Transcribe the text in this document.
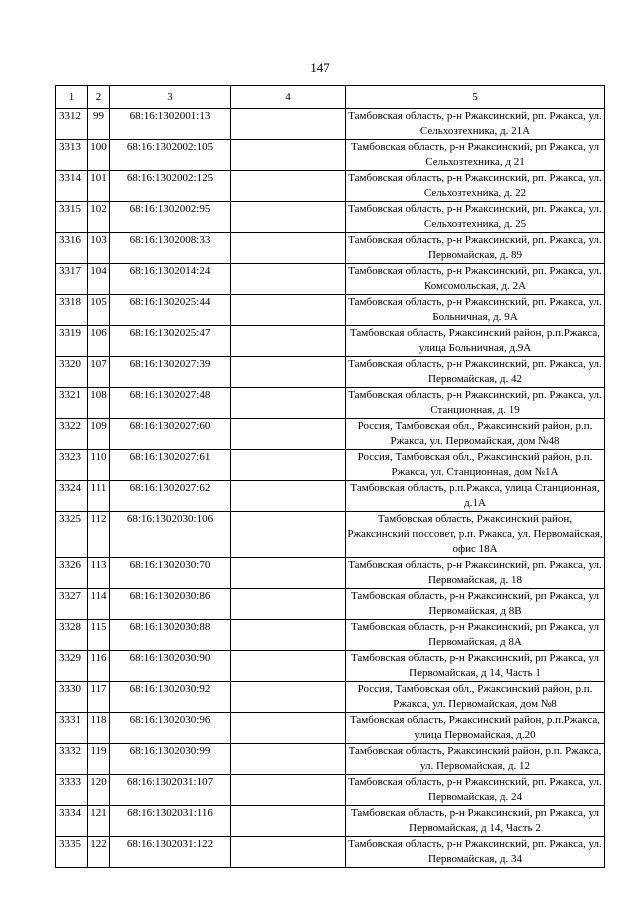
147
1	2	3	4	5
3312	99	68:16:1302001:13		Тамбовская область, р-н Ржаксинский, рп. Ржакса, ул. Сельхозтехника, д. 21А
3313	100	68:16:1302002:105		Тамбовская область, р-н Ржаксинский, рп Ржакса, ул Сельхозтехника, д 21
3314	101	68:16:1302002:125		Тамбовская область, р-н Ржаксинский, рп. Ржакса, ул. Сельхозтехника, д. 22
3315	102	68:16:1302002:95		Тамбовская область, р-н Ржаксинский, рп. Ржакса, ул. Сельхозтехника, д. 25
3316	103	68:16:1302008:33		Тамбовская область, р-н Ржаксинский, рп. Ржакса, ул. Первомайская, д. 89
3317	104	68:16:1302014:24		Тамбовская область, р-н Ржаксинский, рп. Ржакса, ул. Комсомольская, д. 2А
3318	105	68:16:1302025:44		Тамбовская область, р-н Ржаксинский, рп. Ржакса, ул. Больничная, д. 9А
3319	106	68:16:1302025:47		Тамбовская область, Ржаксинский район, р.п.Ржакса, улица Больничная, д.9А
3320	107	68:16:1302027:39		Тамбовская область, р-н Ржаксинский, рп. Ржакса, ул. Первомайская, д. 42
3321	108	68:16:1302027:48		Тамбовская область, р-н Ржаксинский, рп. Ржакса, ул. Станционная, д. 19
3322	109	68:16:1302027:60		Россия, Тамбовская обл., Ржаксинский район, р.п. Ржакса, ул. Первомайская, дом №48
3323	110	68:16:1302027:61		Россия, Тамбовская обл., Ржаксинский район, р.п. Ржакса, ул. Станционная, дом №1А
3324	111	68:16:1302027:62		Тамбовская область, р.п.Ржакса, улица Станционная, д.1А
3325	112	68:16:1302030:106		Тамбовская область, Ржаксинский район, Ржаксинский поссовет, р.п. Ржакса, ул. Первомайская, офис 18А
3326	113	68:16:1302030:70		Тамбовская область, р-н Ржаксинский, рп. Ржакса, ул. Первомайская, д. 18
3327	114	68:16:1302030:86		Тамбовская область, р-н Ржаксинский, рп Ржакса, ул Первомайская, д 8В
3328	115	68:16:1302030:88		Тамбовская область, р-н Ржаксинский, рп Ржакса, ул Первомайская, д 8А
3329	116	68:16:1302030:90		Тамбовская область, р-н Ржаксинский, рп Ржакса, ул Первомайская, д 14, Часть 1
3330	117	68:16:1302030:92		Россия, Тамбовская обл., Ржаксинский район, р.п. Ржакса, ул. Первомайская, дом №8
3331	118	68:16:1302030:96		Тамбовская область, Ржаксинский район, р.п.Ржакса, улица Первомайская, д.20
3332	119	68:16:1302030:99		Тамбовская область, Ржаксинский район, р.п. Ржакса, ул. Первомайская, д. 12
3333	120	68:16:1302031:107		Тамбовская область, р-н Ржаксинский, рп. Ржакса, ул. Первомайская, д. 24
3334	121	68:16:1302031:116		Тамбовская область, р-н Ржаксинский, рп Ржакса, ул Первомайская, д 14, Часть 2
3335	122	68:16:1302031:122		Тамбовская область, р-н Ржаксинский, рп. Ржакса, ул. Первомайская, д. 34
